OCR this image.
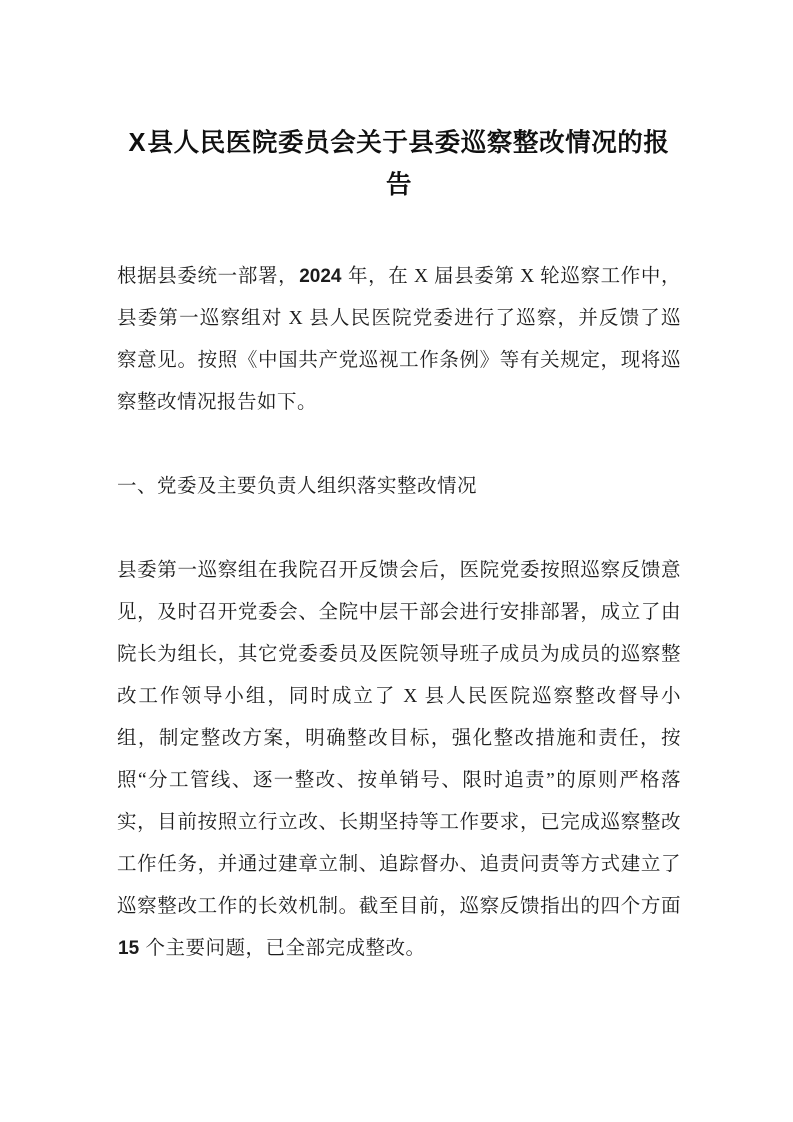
X县人民医院委员会关于县委巡察整改情况的报告

根据县委统一部署，2024 年，在 X 届县委第 X 轮巡察工作中，县委第一巡察组对 X 县人民医院党委进行了巡察，并反馈了巡察意见。按照《中国共产党巡视工作条例》等有关规定，现将巡察整改情况报告如下。

一、党委及主要负责人组织落实整改情况

县委第一巡察组在我院召开反馈会后，医院党委按照巡察反馈意见，及时召开党委会、全院中层干部会进行安排部署，成立了由院长为组长，其它党委委员及医院领导班子成员为成员的巡察整改工作领导小组，同时成立了 X 县人民医院巡察整改督导小组，制定整改方案，明确整改目标，强化整改措施和责任，按照“分工管线、逐一整改、按单销号、限时追责”的原则严格落实，目前按照立行立改、长期坚持等工作要求，已完成巡察整改工作任务，并通过建章立制、追踪督办、追责问责等方式建立了巡察整改工作的长效机制。截至目前，巡察反馈指出的四个方面 15 个主要问题，已全部完成整改。
